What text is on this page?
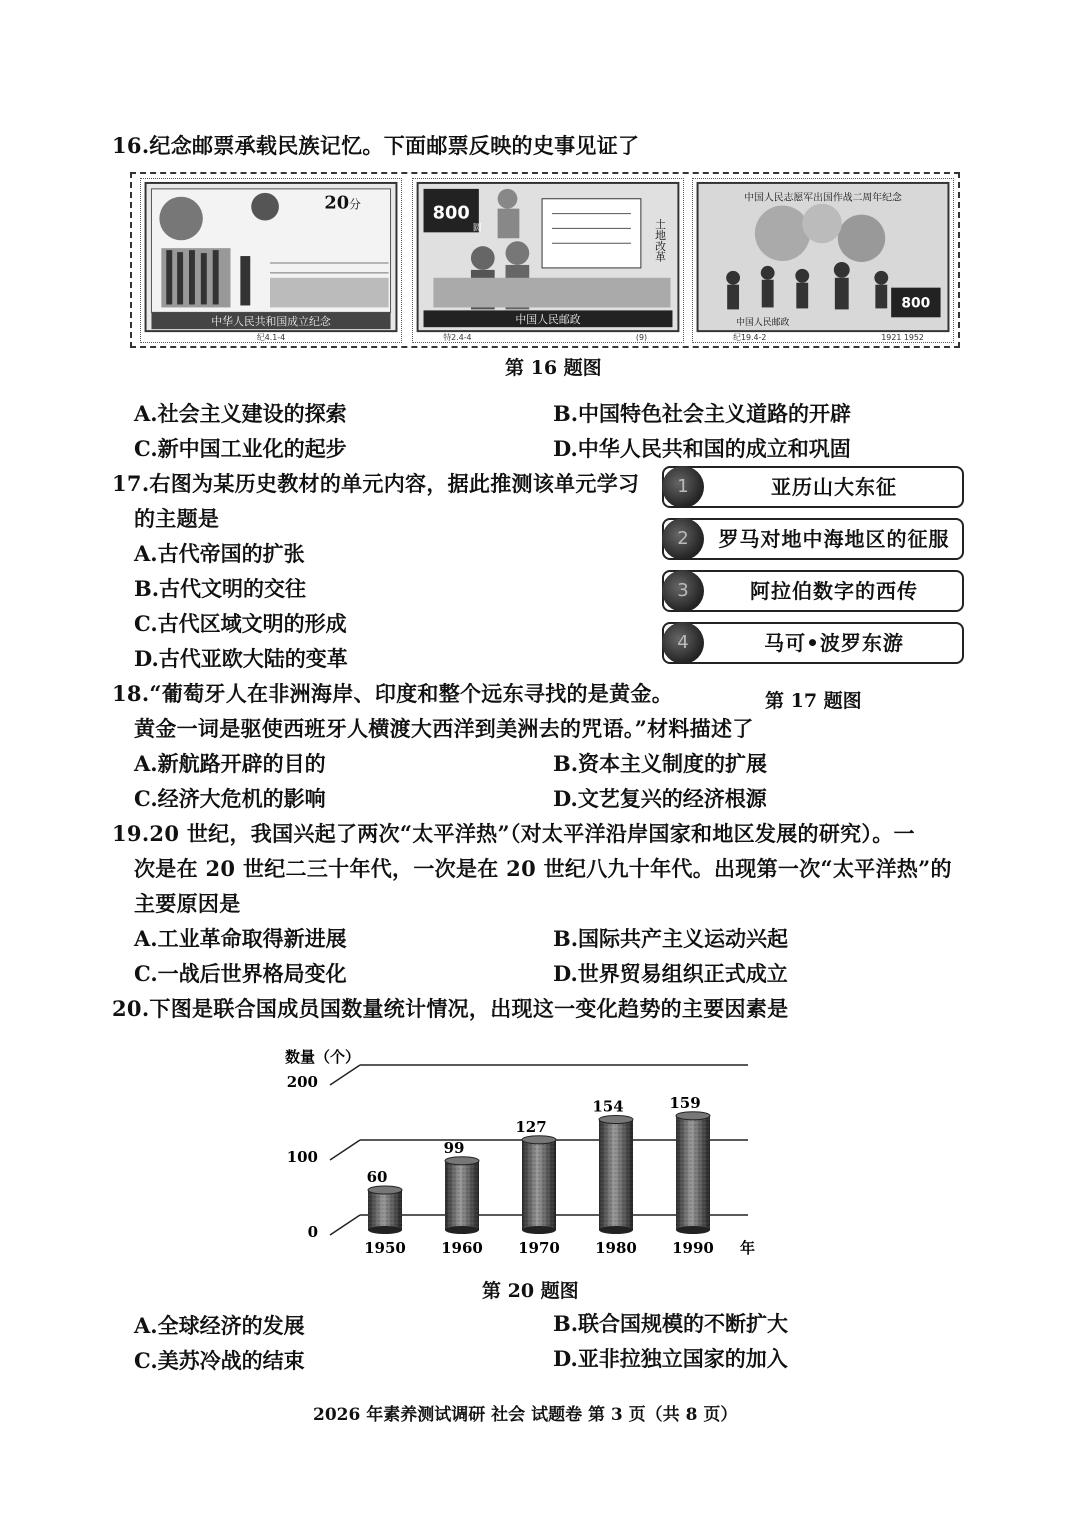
16.纪念邮票承载民族记忆。下面邮票反映的史事见证了
20 分
中华人民共和国成立纪念
纪4.1-4
800
圆	土地改革
中国人民邮政
特2.4-4	(9)
中国人民志愿军出国作战二周年纪念
800
中国人民邮政
纪19.4-2	1921 1952
第 16 题图
A.社会主义建设的探索	B.中国特色社会主义道路的开辟
C.新中国工业化的起步	D.中华人民共和国的成立和巩固
17.右图为某历史教材的单元内容，据此推测该单元学习
的主题是
A.古代帝国的扩张
B.古代文明的交往
C.古代区域文明的形成
D.古代亚欧大陆的变革
1	亚历山大东征
2	罗马对地中海地区的征服
3	阿拉伯数字的西传
4	马可•波罗东游
第 17 题图
18.“葡萄牙人在非洲海岸、印度和整个远东寻找的是黄金。
黄金一词是驱使西班牙人横渡大西洋到美洲去的咒语。”材料描述了
A.新航路开辟的目的	B.资本主义制度的扩展
C.经济大危机的影响	D.文艺复兴的经济根源
19.20 世纪，我国兴起了两次“太平洋热”（对太平洋沿岸国家和地区发展的研究）。一
次是在 20 世纪二三十年代，一次是在 20 世纪八九十年代。出现第一次“太平洋热”的
主要原因是
A.工业革命取得新进展	B.国际共产主义运动兴起
C.一战后世界格局变化	D.世界贸易组织正式成立
20.下图是联合国成员国数量统计情况，出现这一变化趋势的主要因素是
数量（个）
0
100
200
60
99
127
154	159
1950 1960 1970 1980 1990 年
第 20 题图
A.全球经济的发展	B.联合国规模的不断扩大
C.美苏冷战的结束	D.亚非拉独立国家的加入
2026 年素养测试调研 社会 试题卷 第 3 页（共 8 页）
